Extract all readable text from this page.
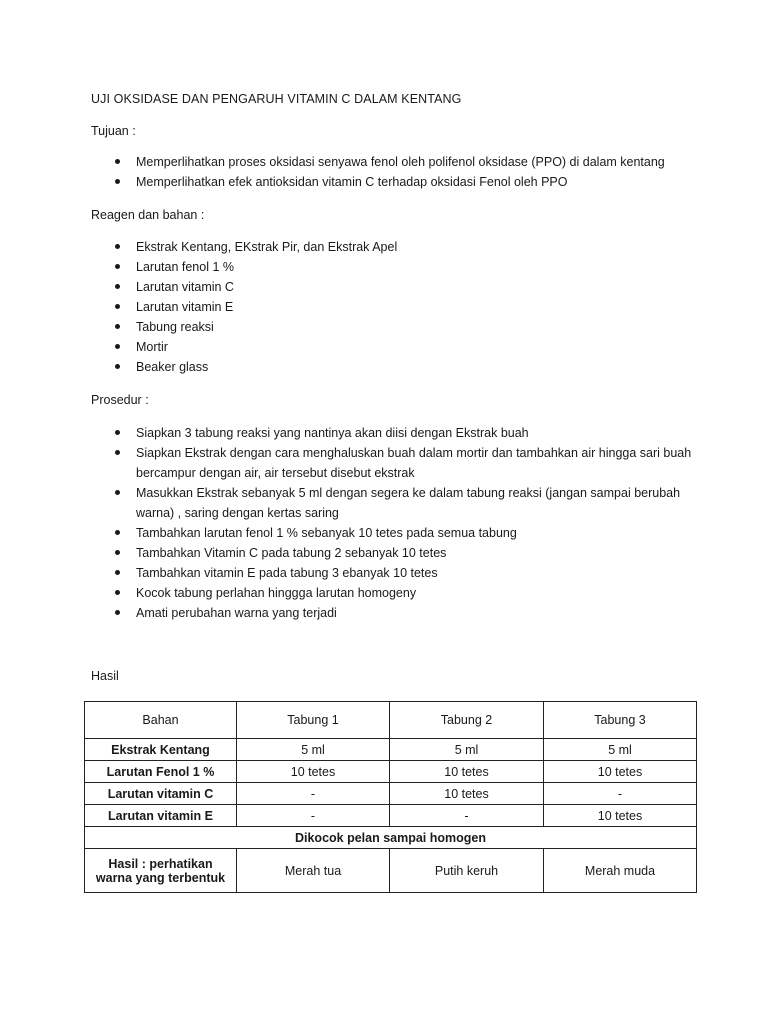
UJI OKSIDASE DAN PENGARUH VITAMIN C DALAM KENTANG
Tujuan :
Memperlihatkan proses oksidasi senyawa fenol oleh polifenol oksidase (PPO) di dalam kentang
Memperlihatkan efek antioksidan vitamin C terhadap oksidasi Fenol oleh PPO
Reagen dan bahan :
Ekstrak Kentang, EKstrak Pir, dan Ekstrak Apel
Larutan fenol 1 %
Larutan vitamin C
Larutan vitamin E
Tabung reaksi
Mortir
Beaker glass
Prosedur :
Siapkan 3 tabung reaksi yang nantinya akan diisi dengan Ekstrak buah
Siapkan Ekstrak dengan cara menghaluskan buah dalam mortir dan tambahkan air hingga sari buah bercampur dengan air, air tersebut disebut ekstrak
Masukkan Ekstrak sebanyak 5 ml dengan segera ke dalam tabung reaksi (jangan sampai berubah warna) , saring dengan kertas saring
Tambahkan larutan fenol 1 % sebanyak 10 tetes pada semua tabung
Tambahkan Vitamin C pada tabung 2 sebanyak 10 tetes
Tambahkan vitamin E pada tabung 3 ebanyak 10 tetes
Kocok tabung perlahan hinggga larutan homogeny
Amati perubahan warna yang terjadi
Hasil
Bahan	Tabung 1	Tabung 2	Tabung 3
Ekstrak Kentang	5 ml	5 ml	5 ml
Larutan Fenol 1 %	10 tetes	10 tetes	10 tetes
Larutan vitamin C	-	10 tetes	-
Larutan vitamin E	-	-	10 tetes
Dikocok pelan sampai homogen			
Hasil : perhatikan warna yang terbentuk	Merah tua	Putih keruh	Merah muda
